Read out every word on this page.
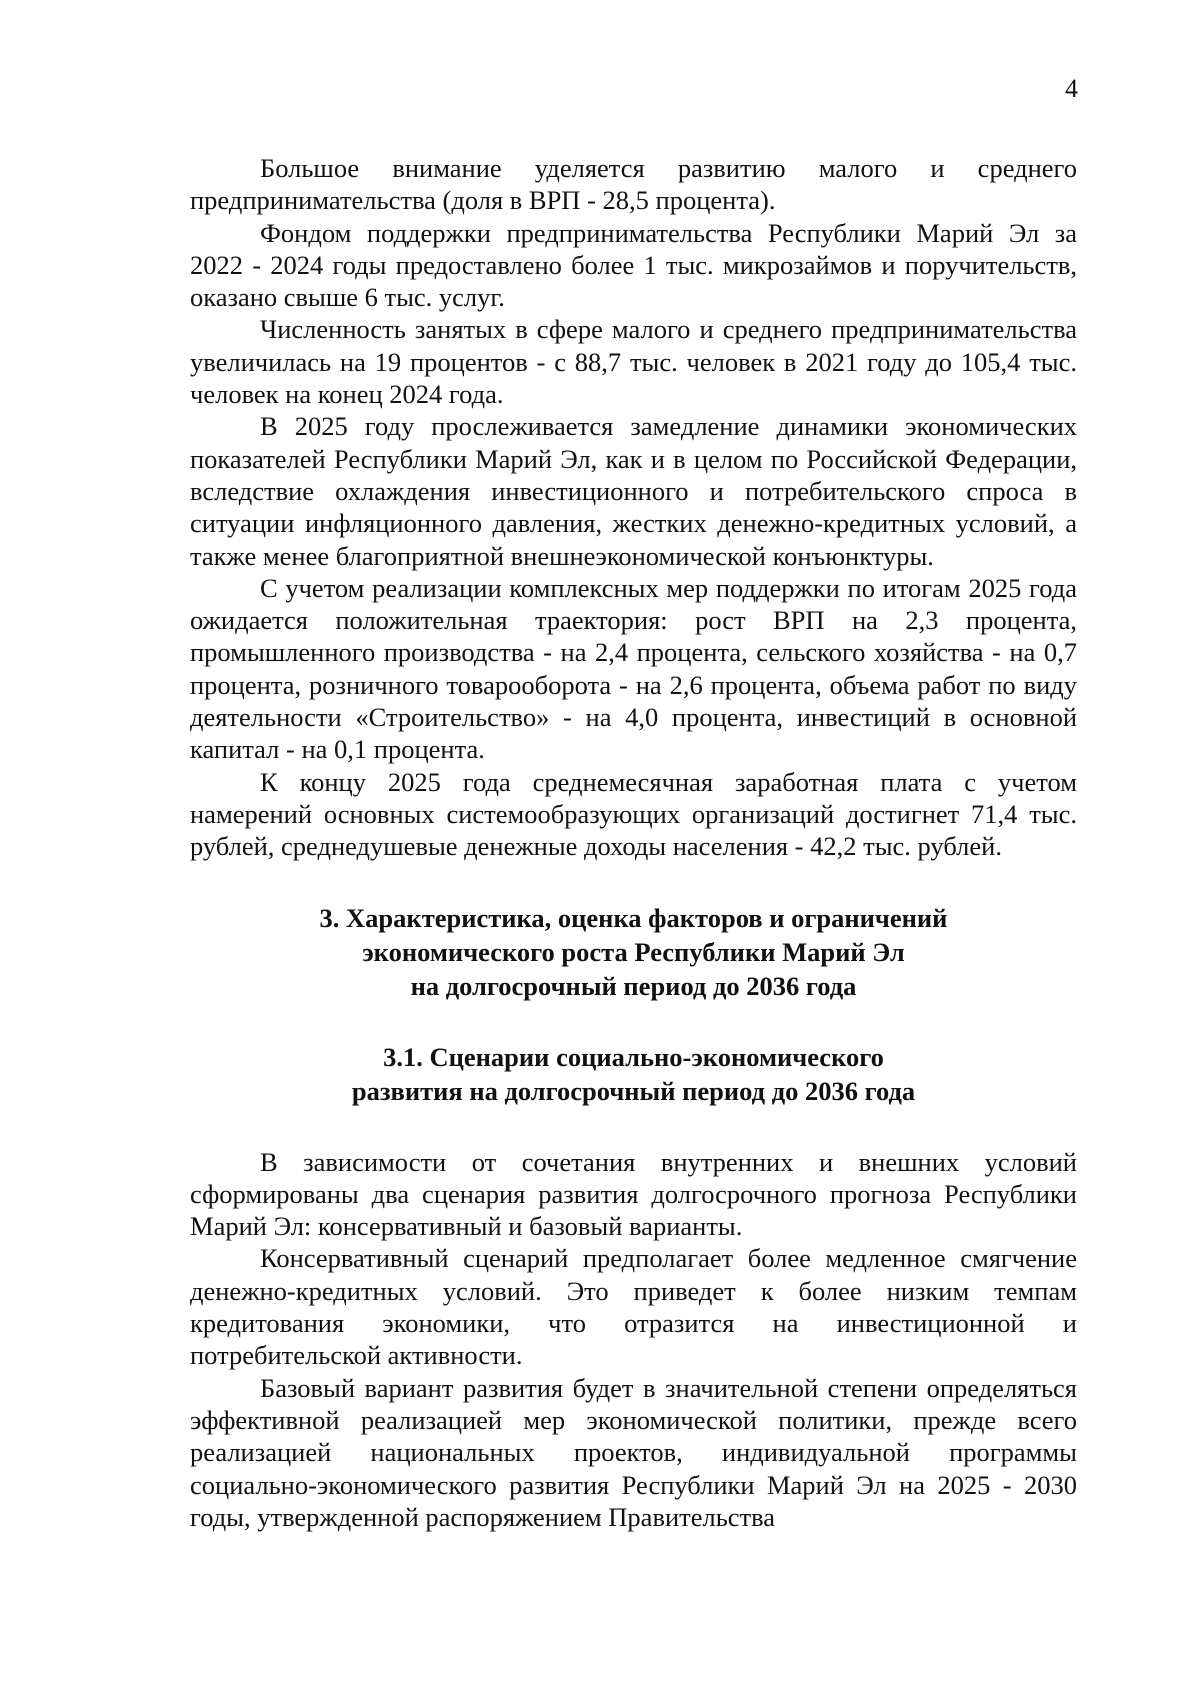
4

Большое внимание уделяется развитию малого и среднего предпринимательства (доля в ВРП - 28,5 процента).

Фондом поддержки предпринимательства Республики Марий Эл за 2022 - 2024 годы предоставлено более 1 тыс. микрозаймов и поручительств, оказано свыше 6 тыс. услуг.

Численность занятых в сфере малого и среднего предпринимательства увеличилась на 19 процентов - с 88,7 тыс. человек в 2021 году до 105,4 тыс. человек на конец 2024 года.

В 2025 году прослеживается замедление динамики экономических показателей Республики Марий Эл, как и в целом по Российской Федерации, вследствие охлаждения инвестиционного и потребительского спроса в ситуации инфляционного давления, жестких денежно-кредитных условий, а также менее благоприятной внешнеэкономической конъюнктуры.

С учетом реализации комплексных мер поддержки по итогам 2025 года ожидается положительная траектория: рост ВРП на 2,3 процента, промышленного производства - на 2,4 процента, сельского хозяйства - на 0,7 процента, розничного товарооборота - на 2,6 процента, объема работ по виду деятельности «Строительство» - на 4,0 процента, инвестиций в основной капитал - на 0,1 процента.

К концу 2025 года среднемесячная заработная плата с учетом намерений основных системообразующих организаций достигнет 71,4 тыс. рублей, среднедушевые денежные доходы населения - 42,2 тыс. рублей.

3. Характеристика, оценка факторов и ограничений
экономического роста Республики Марий Эл
на долгосрочный период до 2036 года
3.1. Сценарии социально-экономического
развития на долгосрочный период до 2036 года

В зависимости от сочетания внутренних и внешних условий сформированы два сценария развития долгосрочного прогноза Республики Марий Эл: консервативный и базовый варианты.

Консервативный сценарий предполагает более медленное смягчение денежно-кредитных условий. Это приведет к более низким темпам кредитования экономики, что отразится на инвестиционной и потребительской активности.

Базовый вариант развития будет в значительной степени определяться эффективной реализацией мер экономической политики, прежде всего реализацией национальных проектов, индивидуальной программы социально-экономического развития Республики Марий Эл на 2025 - 2030 годы, утвержденной распоряжением Правительства
